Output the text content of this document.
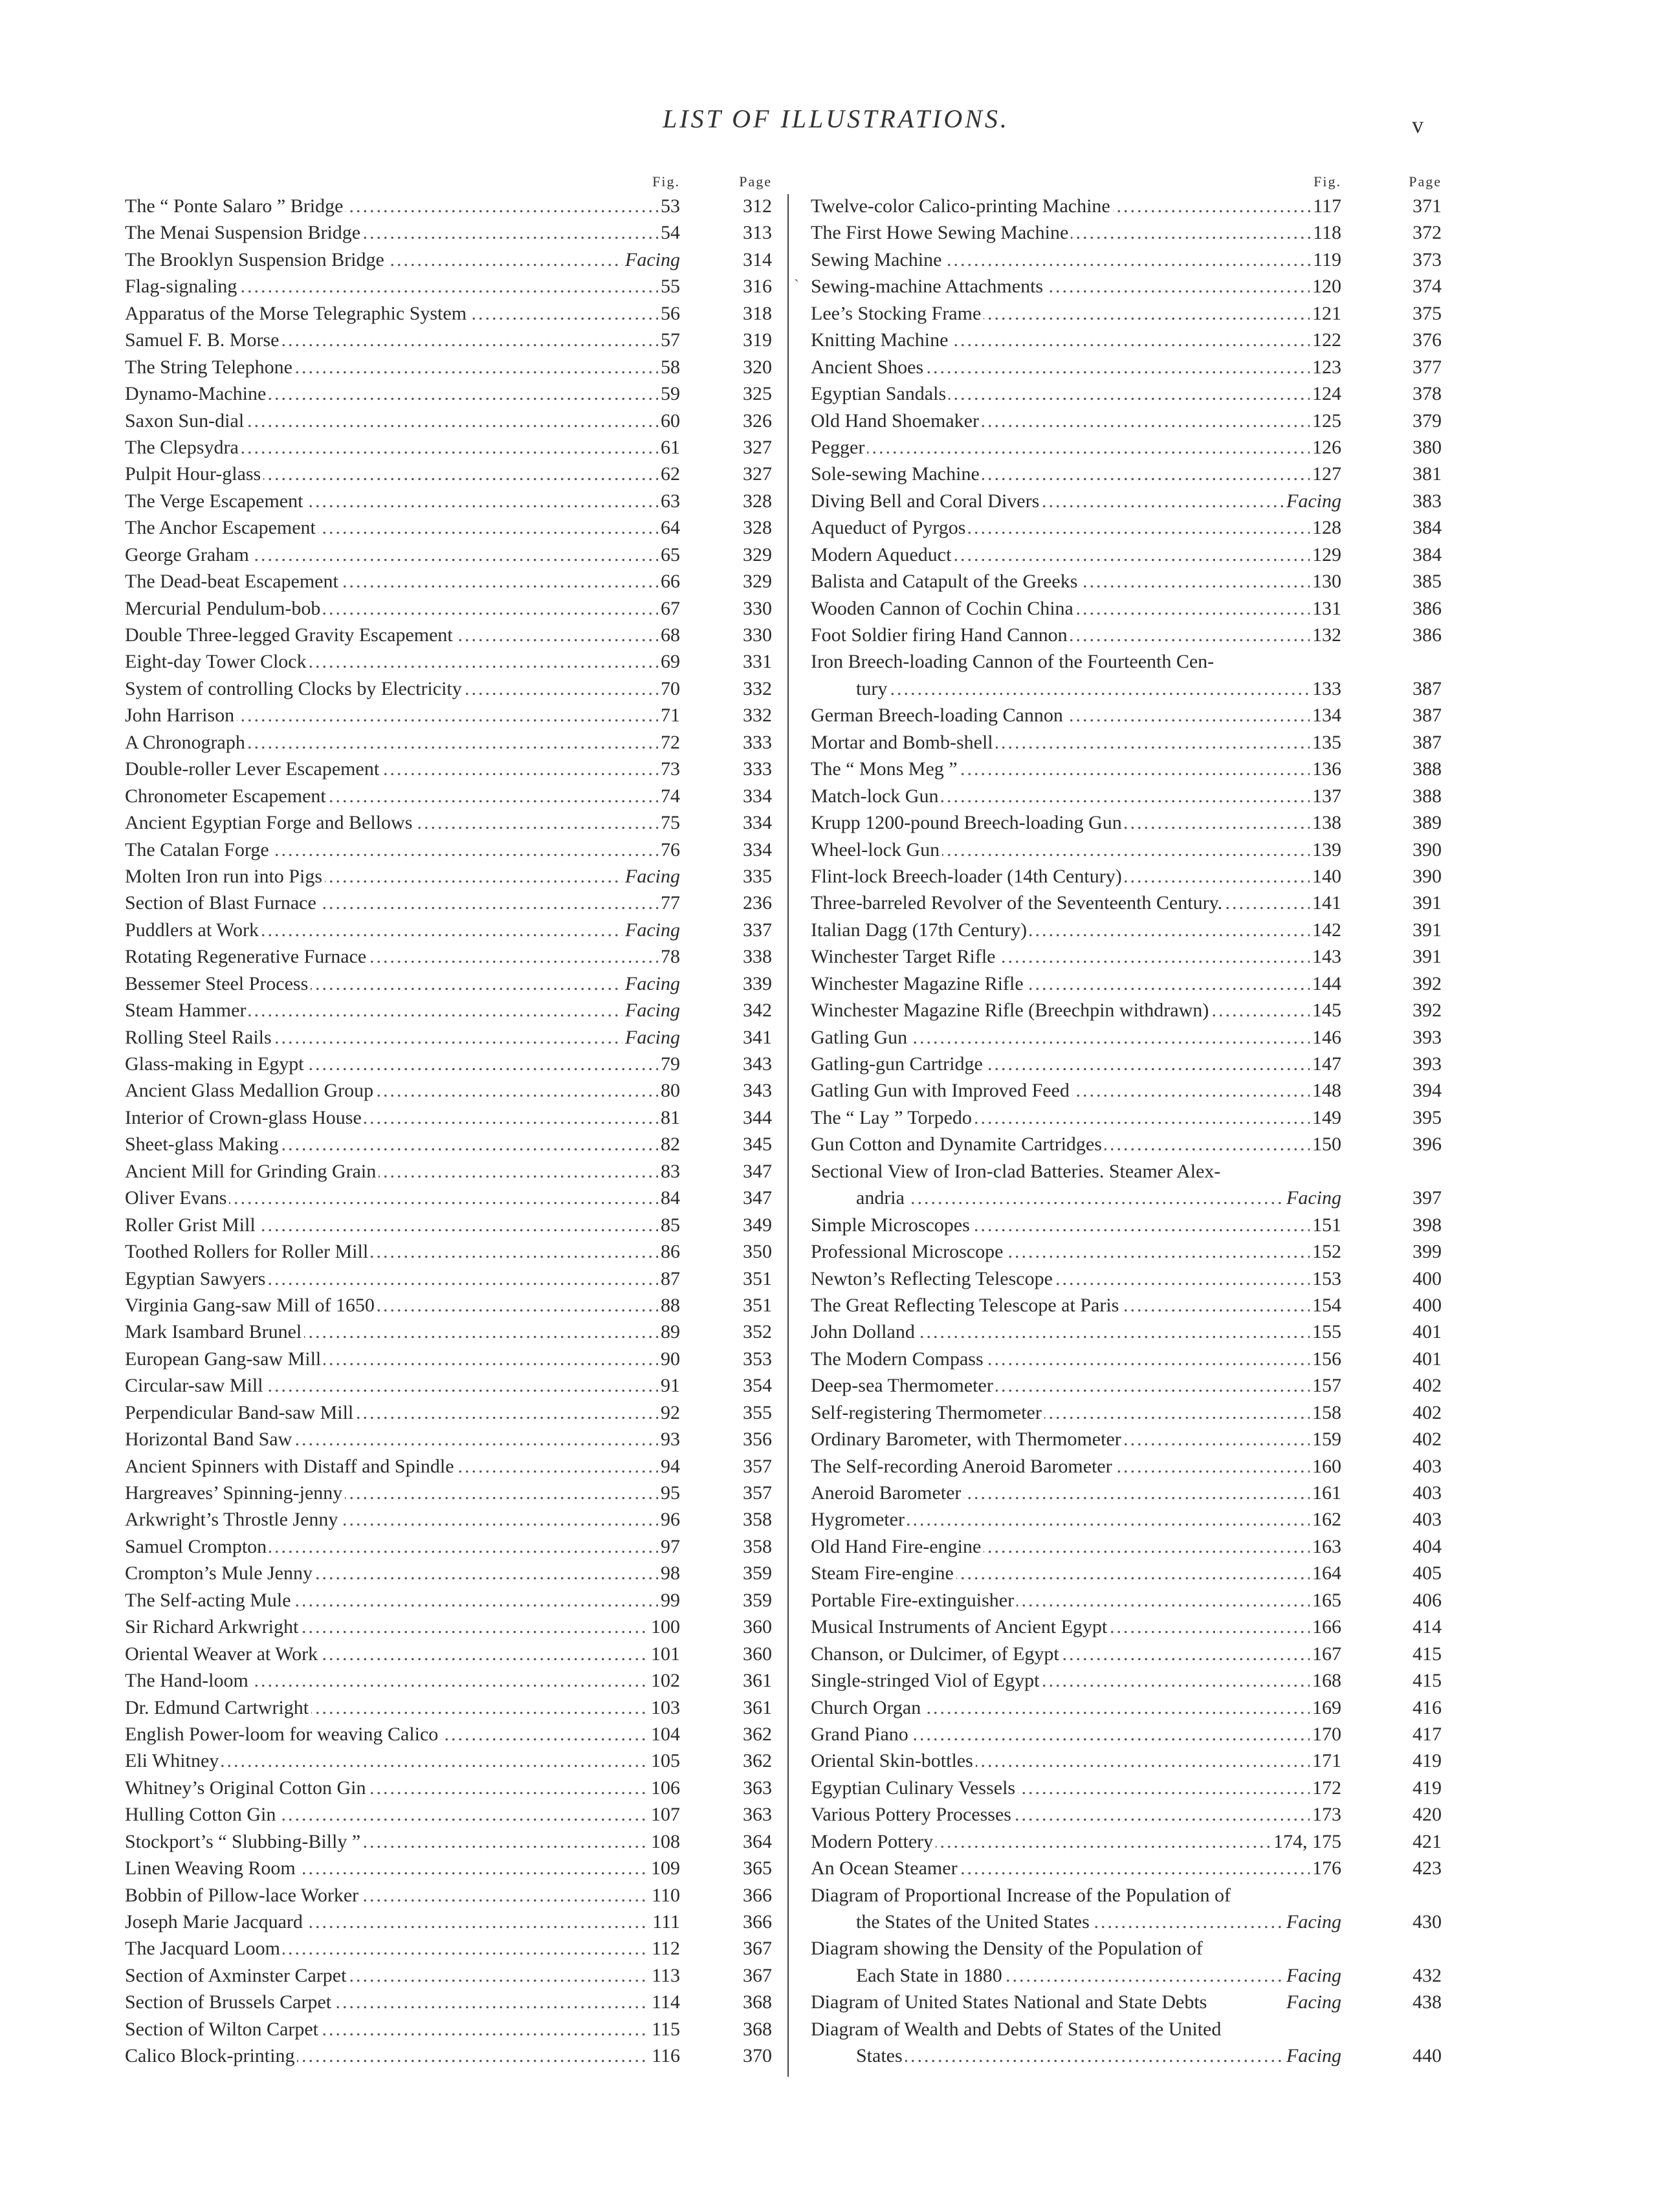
LIST OF ILLUSTRATIONS.	v
Fig.	Page
The “ Ponte Salaro ” Bridge .....	53	312
The Menai Suspension Bridge .....	54	313
The Brooklyn Suspension Bridge .....	Facing	314
Flag-signaling .....	55	316
Apparatus of the Morse Telegraphic System .....	56	318
Samuel F. B. Morse .....	57	319
The String Telephone .....	58	320
Dynamo-Machine .....	59	325
Saxon Sun-dial .....	60	326
The Clepsydra .....	61	327
Pulpit Hour-glass .....	62	327
The Verge Escapement .....	63	328
The Anchor Escapement .....	64	328
George Graham .....	65	329
The Dead-beat Escapement .....	66	329
Mercurial Pendulum-bob .....	67	330
Double Three-legged Gravity Escapement .....	68	330
Eight-day Tower Clock .....	69	331
System of controlling Clocks by Electricity .....	70	332
John Harrison .....	71	332
A Chronograph .....	72	333
Double-roller Lever Escapement .....	73	333
Chronometer Escapement .....	74	334
Ancient Egyptian Forge and Bellows .....	75	334
The Catalan Forge .....	76	334
Molten Iron run into Pigs .....	Facing	335
Section of Blast Furnace .....	77	236
Puddlers at Work .....	Facing	337
Rotating Regenerative Furnace .....	78	338
Bessemer Steel Process .....	Facing	339
Steam Hammer .....	Facing	342
Rolling Steel Rails .....	Facing	341
Glass-making in Egypt .....	79	343
Ancient Glass Medallion Group .....	80	343
Interior of Crown-glass House .....	81	344
Sheet-glass Making .....	82	345
Ancient Mill for Grinding Grain .....	83	347
Oliver Evans .....	84	347
Roller Grist Mill .....	85	349
Toothed Rollers for Roller Mill .....	86	350
Egyptian Sawyers .....	87	351
Virginia Gang-saw Mill of 1650 .....	88	351
Mark Isambard Brunel .....	89	352
European Gang-saw Mill .....	90	353
Circular-saw Mill .....	91	354
Perpendicular Band-saw Mill .....	92	355
Horizontal Band Saw .....	93	356
Ancient Spinners with Distaff and Spindle .....	94	357
Hargreaves’ Spinning-jenny .....	95	357
Arkwright’s Throstle Jenny .....	96	358
Samuel Crompton .....	97	358
Crompton’s Mule Jenny .....	98	359
The Self-acting Mule .....	99	359
Sir Richard Arkwright .....	100	360
Oriental Weaver at Work .....	101	360
The Hand-loom .....	102	361
Dr. Edmund Cartwright .....	103	361
English Power-loom for weaving Calico .....	104	362
Eli Whitney .....	105	362
Whitney’s Original Cotton Gin .....	106	363
Hulling Cotton Gin .....	107	363
Stockport’s “ Slubbing-Billy ” .....	108	364
Linen Weaving Room .....	109	365
Bobbin of Pillow-lace Worker .....	110	366
Joseph Marie Jacquard .....	111	366
The Jacquard Loom .....	112	367
Section of Axminster Carpet .....	113	367
Section of Brussels Carpet .....	114	368
Section of Wilton Carpet .....	115	368
Calico Block-printing .....	116	370
Fig.	Page
Twelve-color Calico-printing Machine .....	117	371
The First Howe Sewing Machine .....	118	372
Sewing Machine .....	119	373
` Sewing-machine Attachments .....	120	374
Lee’s Stocking Frame .....	121	375
Knitting Machine .....	122	376
Ancient Shoes .....	123	377
Egyptian Sandals .....	124	378
Old Hand Shoemaker .....	125	379
Pegger .....	126	380
Sole-sewing Machine .....	127	381
Diving Bell and Coral Divers .....	Facing	383
Aqueduct of Pyrgos .....	128	384
Modern Aqueduct .....	129	384
Balista and Catapult of the Greeks .....	130	385
Wooden Cannon of Cochin China .....	131	386
Foot Soldier firing Hand Cannon .....	132	386
Iron Breech-loading Cannon of the Fourteenth Cen-
tury .....	133	387
German Breech-loading Cannon .....	134	387
Mortar and Bomb-shell .....	135	387
The “ Mons Meg ” .....	136	388
Match-lock Gun .....	137	388
Krupp 1200-pound Breech-loading Gun .....	138	389
Wheel-lock Gun .....	139	390
Flint-lock Breech-loader (14th Century) .....	140	390
Three-barreled Revolver of the Seventeenth Century. .....	141	391
Italian Dagg (17th Century) .....	142	391
Winchester Target Rifle .....	143	391
Winchester Magazine Rifle .....	144	392
Winchester Magazine Rifle (Breechpin withdrawn) .....	145	392
Gatling Gun .....	146	393
Gatling-gun Cartridge .....	147	393
Gatling Gun with Improved Feed .....	148	394
The “ Lay ” Torpedo .....	149	395
Gun Cotton and Dynamite Cartridges .....	150	396
Sectional View of Iron-clad Batteries. Steamer Alex-
andria .....	Facing	397
Simple Microscopes .....	151	398
Professional Microscope .....	152	399
Newton’s Reflecting Telescope .....	153	400
The Great Reflecting Telescope at Paris .....	154	400
John Dolland .....	155	401
The Modern Compass .....	156	401
Deep-sea Thermometer .....	157	402
Self-registering Thermometer .....	158	402
Ordinary Barometer, with Thermometer .....	159	402
The Self-recording Aneroid Barometer .....	160	403
Aneroid Barometer .....	161	403
Hygrometer .....	162	403
Old Hand Fire-engine .....	163	404
Steam Fire-engine .....	164	405
Portable Fire-extinguisher .....	165	406
Musical Instruments of Ancient Egypt .....	166	414
Chanson, or Dulcimer, of Egypt .....	167	415
Single-stringed Viol of Egypt .....	168	415
Church Organ .....	169	416
Grand Piano .....	170	417
Oriental Skin-bottles .....	171	419
Egyptian Culinary Vessels .....	172	419
Various Pottery Processes .....	173	420
Modern Pottery .....	174, 175	421
An Ocean Steamer .....	176	423
Diagram of Proportional Increase of the Population of
the States of the United States .....	Facing	430
Diagram showing the Density of the Population of
Each State in 1880 .....	Facing	432
Diagram of United States National and State Debts	Facing	438
Diagram of Wealth and Debts of States of the United
States .....	Facing	440
